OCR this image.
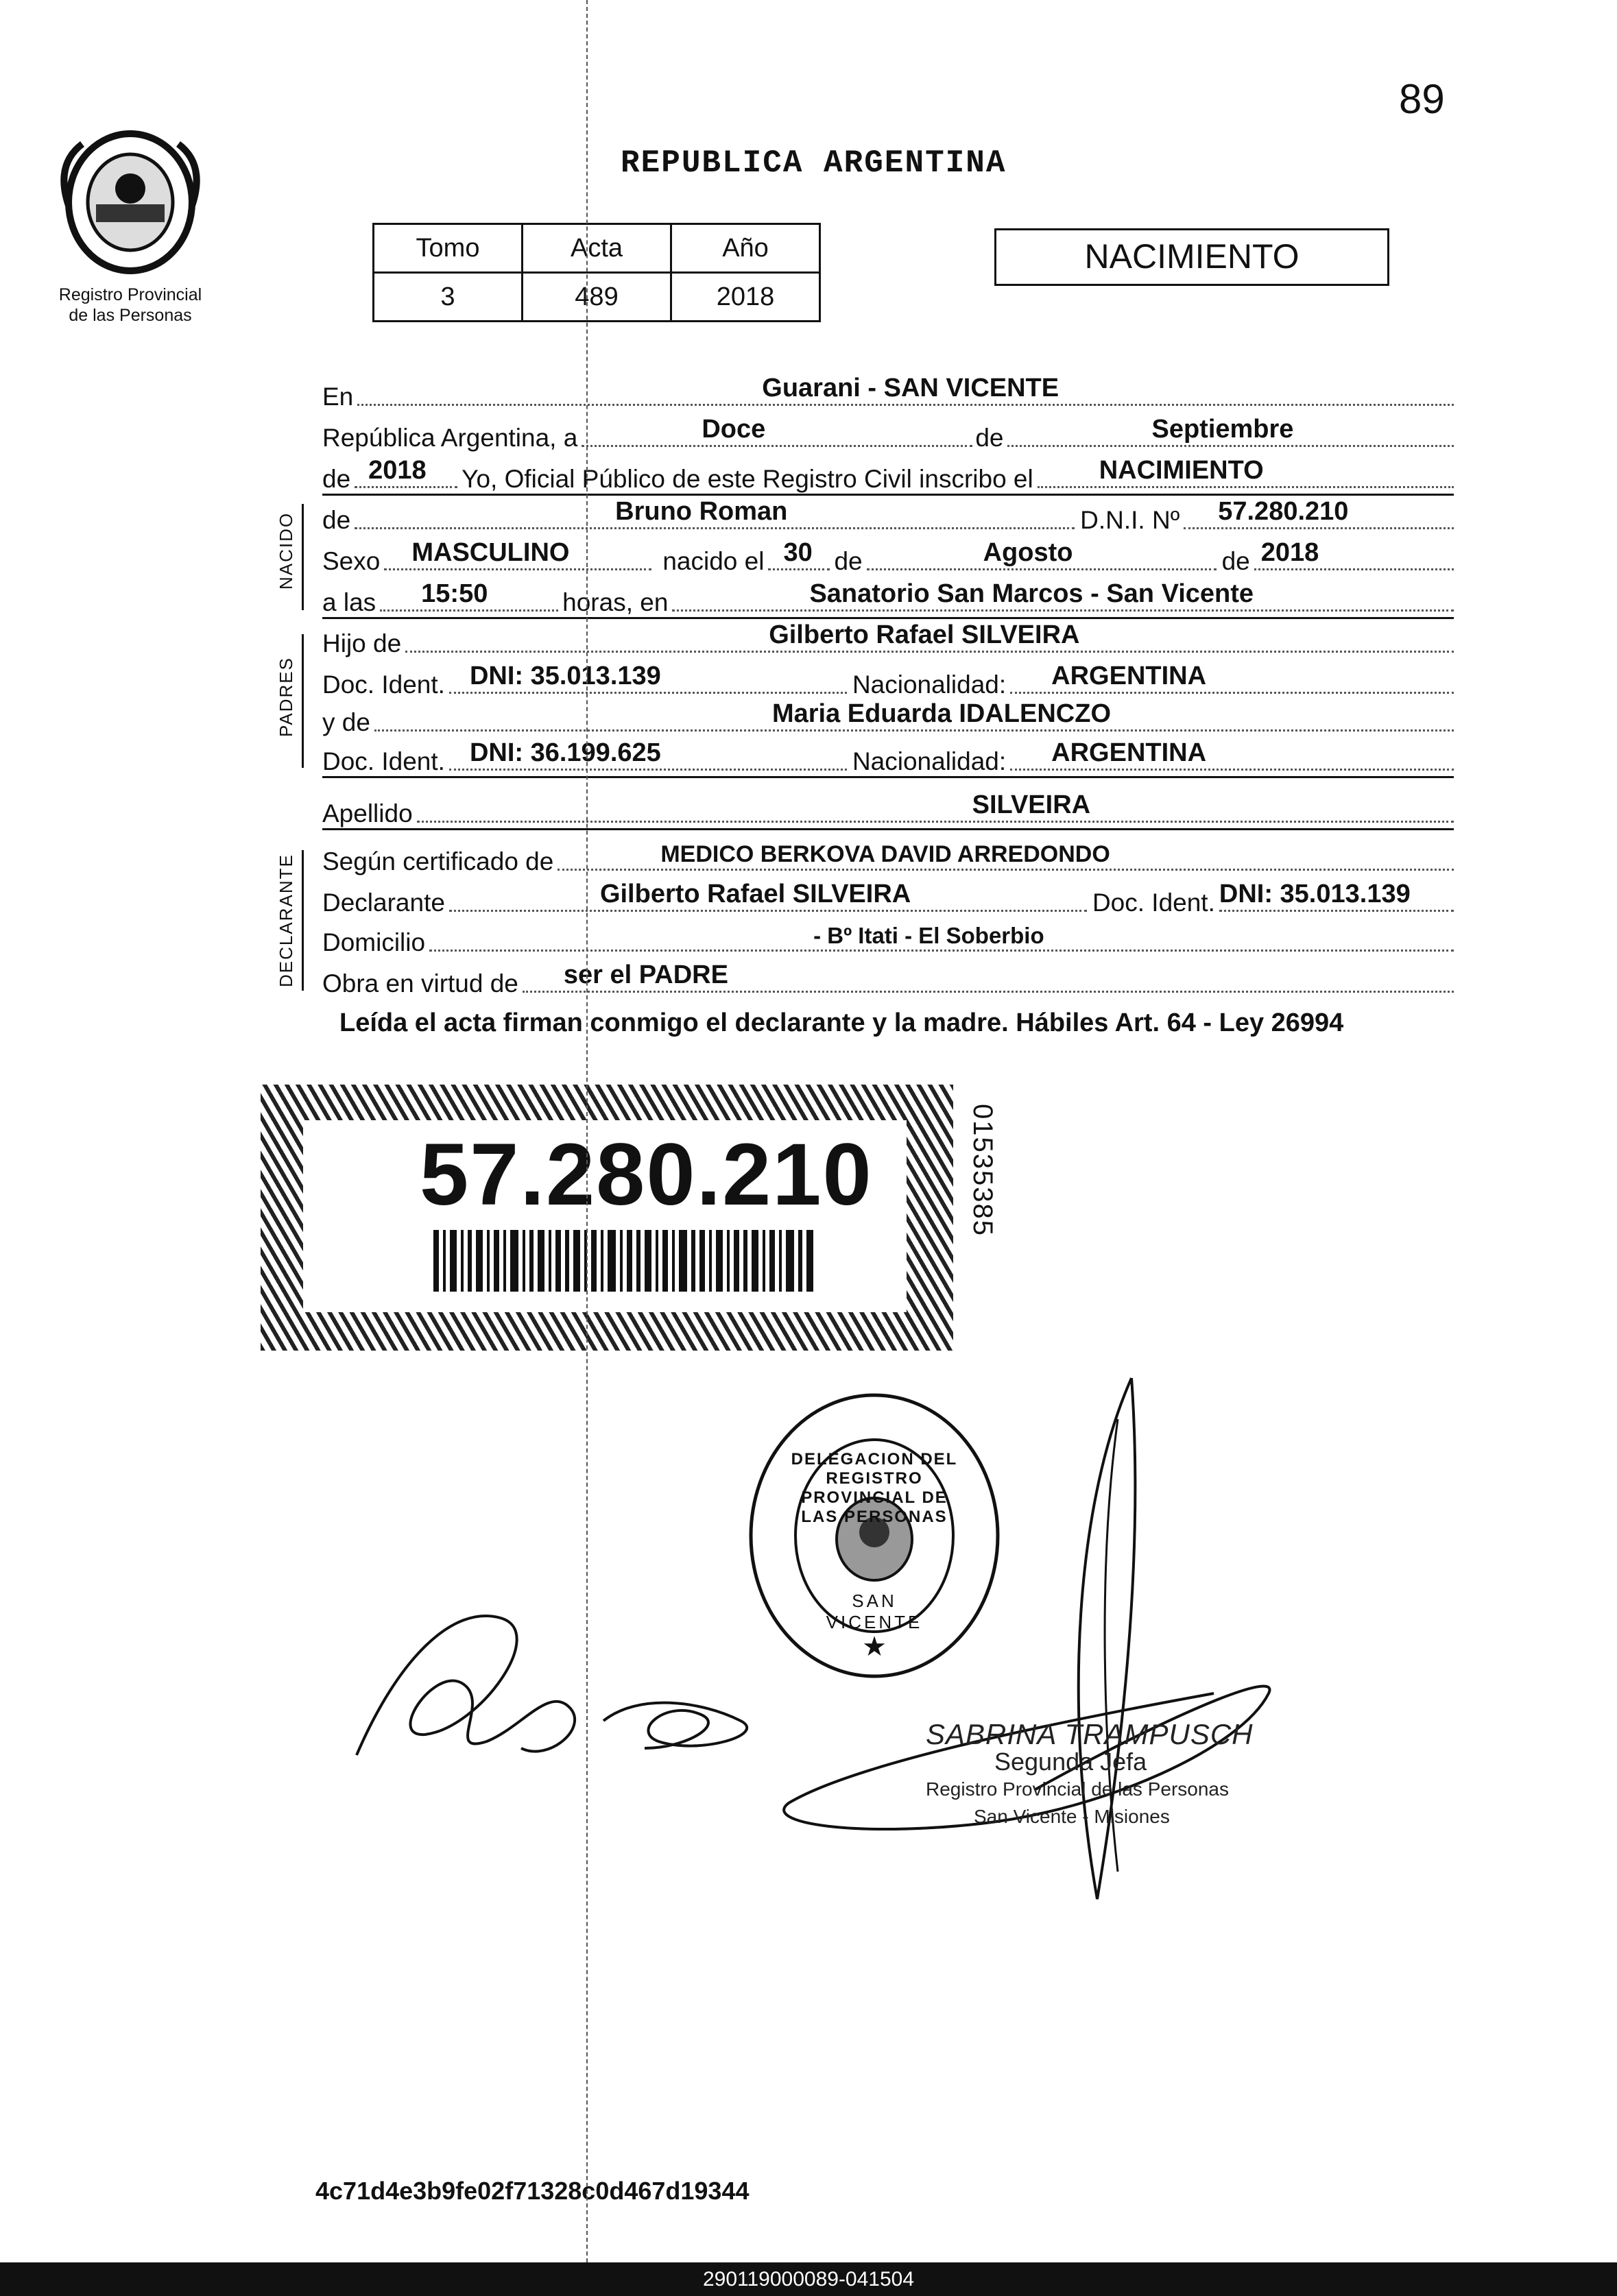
89
Registro Provincial
de las Personas
REPUBLICA ARGENTINA
Tomo	Acta	Año
3	489	2018
NACIMIENTO
En	Guarani - SAN VICENTE
República Argentina, a	Doce	de	Septiembre
de 2018 Yo, Oficial Público de este Registro Civil inscribo el	NACIMIENTO
de	Bruno Roman	D.N.I. Nº 57.280.210
Sexo MASCULINO	nacido el 30 de	Agosto	de 2018
a las 15:50	horas, en	Sanatorio San Marcos - San Vicente
Hijo de	Gilberto Rafael SILVEIRA
Doc. Ident. DNI: 35.013.139	Nacionalidad: ARGENTINA
y de	Maria Eduarda IDALENCZO
Doc. Ident. DNI: 36.199.625	Nacionalidad: ARGENTINA
Apellido	SILVEIRA
Según certificado de	MEDICO BERKOVA DAVID ARREDONDO
Declarante	Gilberto Rafael SILVEIRA	Doc. Ident. DNI: 35.013.139
Domicilio	- Bº Itati - El Soberbio
Obra en virtud de ser el PADRE
NACIDO
PADRES
DECLARANTE
Leída el acta firman conmigo el declarante y la madre. Hábiles Art. 64 - Ley 26994
57.280.210	01535385
★
DELEGACION DEL REGISTRO PROVINCIAL DE LAS PERSONAS
SAN VICENTE
SABRINA TRAMPUSCH
Segunda Jefa
Registro Provincial de las Personas
San Vicente - Misiones
4c71d4e3b9fe02f71328c0d467d19344
290119000089-041504
